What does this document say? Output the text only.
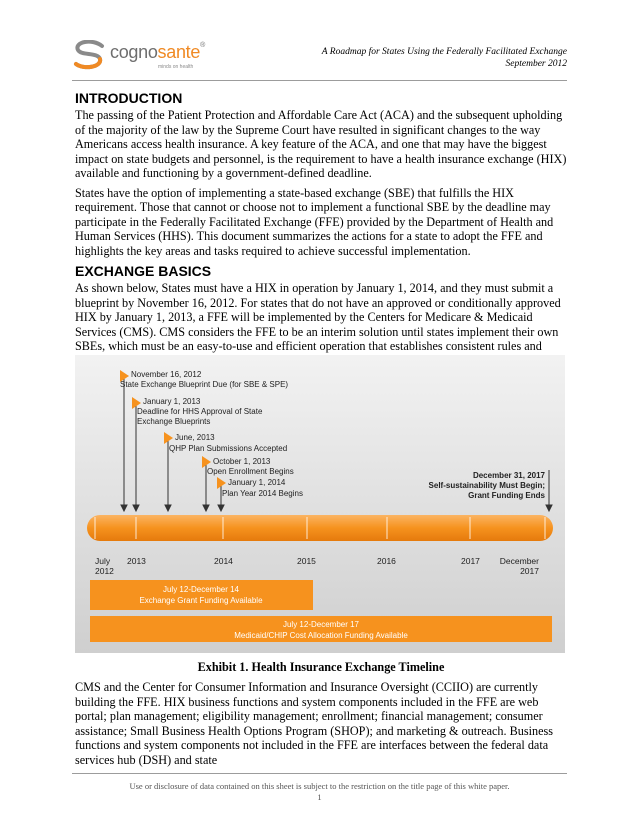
cognosante®
minds on health
A Roadmap for States Using the Federally Facilitated Exchange
September 2012
INTRODUCTION

The passing of the Patient Protection and Affordable Care Act (ACA) and the subsequent upholding of the majority of the law by the Supreme Court have resulted in significant changes to the way Americans access health insurance. A key feature of the ACA, and one that may have the biggest impact on state budgets and personnel, is the requirement to have a health insurance exchange (HIX) available and functioning by a government-defined deadline.

States have the option of implementing a state-based exchange (SBE) that fulfills the HIX requirement. Those that cannot or choose not to implement a functional SBE by the deadline may participate in the Federally Facilitated Exchange (FFE) provided by the Department of Health and Human Services (HHS). This document summarizes the actions for a state to adopt the FFE and highlights the key areas and tasks required to achieve successful implementation.

EXCHANGE BASICS

As shown below, States must have a HIX in operation by January 1, 2014, and they must submit a blueprint by November 16, 2012. For states that do not have an approved or conditionally approved HIX by January 1, 2013, a FFE will be implemented by the Centers for Medicare & Medicaid Services (CMS). CMS considers the FFE to be an interim solution until states implement their own SBEs, which must be an easy-to-use and efficient operation that establishes consistent rules and

November 16, 2012
State Exchange Blueprint Due (for SBE & SPE)
January 1, 2013
Deadline for HHS Approval of State
Exchange Blueprints
June, 2013
QHP Plan Submissions Accepted
October 1, 2013
Open Enrollment Begins
January 1, 2014
Plan Year 2014 Begins
December 31, 2017
Self-sustainability Must Begin;
Grant Funding Ends
July
2012
2013	2014	2015	2016	2017 December
2017
July 12-December 14
Exchange Grant Funding Available
July 12-December 17
Medicaid/CHIP Cost Allocation Funding Available
Exhibit 1. Health Insurance Exchange Timeline

CMS and the Center for Consumer Information and Insurance Oversight (CCIIO) are currently building the FFE. HIX business functions and system components included in the FFE are web portal; plan management; eligibility management; enrollment; financial management; consumer assistance; Small Business Health Options Program (SHOP); and marketing & outreach. Business functions and system components not included in the FFE are interfaces between the federal data services hub (DSH) and state

Use or disclosure of data contained on this sheet is subject to the restriction on the title page of this white paper.
1
